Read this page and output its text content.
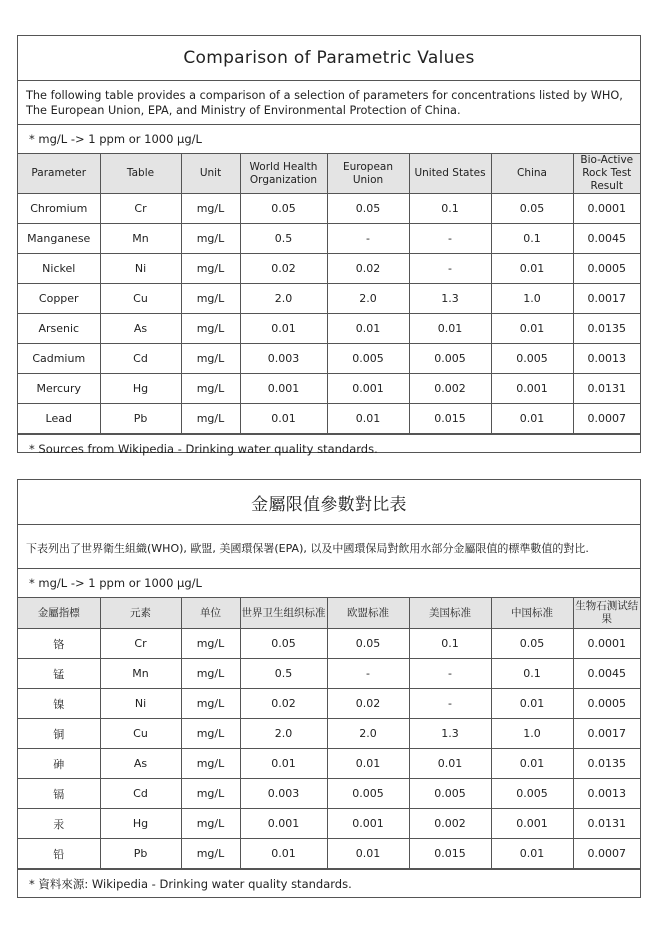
Comparison of Parametric Values
The following table provides a comparison of a selection of parameters for concentrations listed by WHO, The European Union, EPA, and Ministry of Environmental Protection of China.
* mg/L -> 1 ppm or 1000 μg/L
Parameter	Table	Unit	World Health Organization	European Union	United States	China	Bio-Active Rock Test Result
Chromium	Cr	mg/L	0.05	0.05	0.1	0.05	0.0001
Manganese	Mn	mg/L	0.5	-	-	0.1	0.0045
Nickel	Ni	mg/L	0.02	0.02	-	0.01	0.0005
Copper	Cu	mg/L	2.0	2.0	1.3	1.0	0.0017
Arsenic	As	mg/L	0.01	0.01	0.01	0.01	0.0135
Cadmium	Cd	mg/L	0.003	0.005	0.005	0.005	0.0013
Mercury	Hg	mg/L	0.001	0.001	0.002	0.001	0.0131
Lead	Pb	mg/L	0.01	0.01	0.015	0.01	0.0007
* Sources from Wikipedia - Drinking water quality standards.
金屬限值參數對比表
下表列出了世界衛生組織(WHO), 歐盟, 美國環保署(EPA), 以及中國環保局對飲用水部分金屬限值的標準數值的對比.
* mg/L -> 1 ppm or 1000 μg/L
金屬指標	元素	单位	世界卫生组织标准	欧盟标准	美国标准	中国标准	生物石测试结果
铬	Cr	mg/L	0.05	0.05	0.1	0.05	0.0001
锰	Mn	mg/L	0.5	-	-	0.1	0.0045
镍	Ni	mg/L	0.02	0.02	-	0.01	0.0005
铜	Cu	mg/L	2.0	2.0	1.3	1.0	0.0017
砷	As	mg/L	0.01	0.01	0.01	0.01	0.0135
镉	Cd	mg/L	0.003	0.005	0.005	0.005	0.0013
汞	Hg	mg/L	0.001	0.001	0.002	0.001	0.0131
铅	Pb	mg/L	0.01	0.01	0.015	0.01	0.0007
* 資料來源: Wikipedia - Drinking water quality standards.
